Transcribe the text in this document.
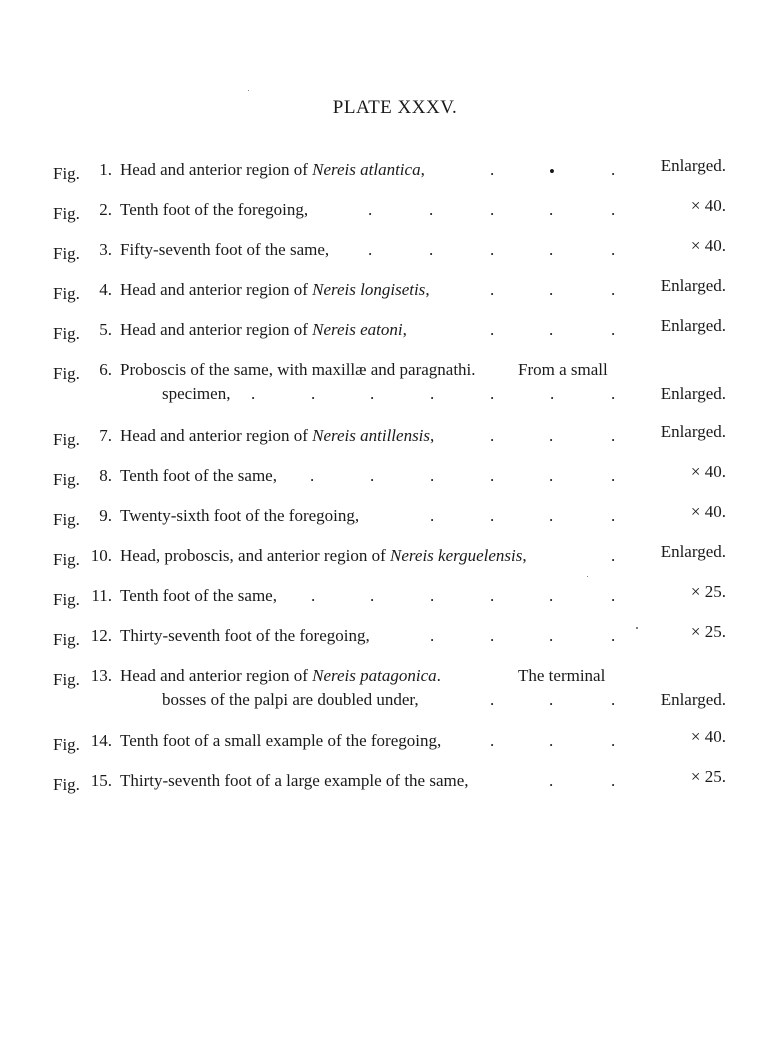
PLATE XXXV.
Fig.	1. Head and anterior region of Nereis atlantica,	.	•	.	Enlarged.
Fig.	2. Tenth foot of the foregoing,	.	.	.	.	.	× 40.
Fig.	3. Fifty-seventh foot of the same, .	.	.	.	.	× 40.
Fig.	4. Head and anterior region of Nereis longisetis,	.	.	.	Enlarged.
Fig.	5. Head and anterior region of Nereis eatoni,	.	.	.	Enlarged.
Fig.	6. Proboscis of the same, with maxillæ and paragnathi. From a small
specimen, .	.	.	.	.	.	.	Enlarged.
Fig.	7. Head and anterior region of Nereis antillensis,	.	.	.	Enlarged.
Fig.	8. Tenth foot of the same, .	.	.	.	.	.	× 40.
Fig.	9. Twenty-sixth foot of the foregoing,	.	.	.	.	× 40.
Fig. 10. Head, proboscis, and anterior region of Nereis kerguelensis,	.	Enlarged.
Fig. 11. Tenth foot of the same, .	.	.	.	.	.	× 25.
Fig. 12. Thirty-seventh foot of the foregoing,	.	.	.	.	× 25.
Fig. 13. Head and anterior region of Nereis patagonica.	The terminal
bosses of the palpi are doubled under,	.	.	.	Enlarged.
Fig. 14. Tenth foot of a small example of the foregoing,	.	.	.	× 40.
Fig. 15. Thirty-seventh foot of a large example of the same,	.	.	× 25.
